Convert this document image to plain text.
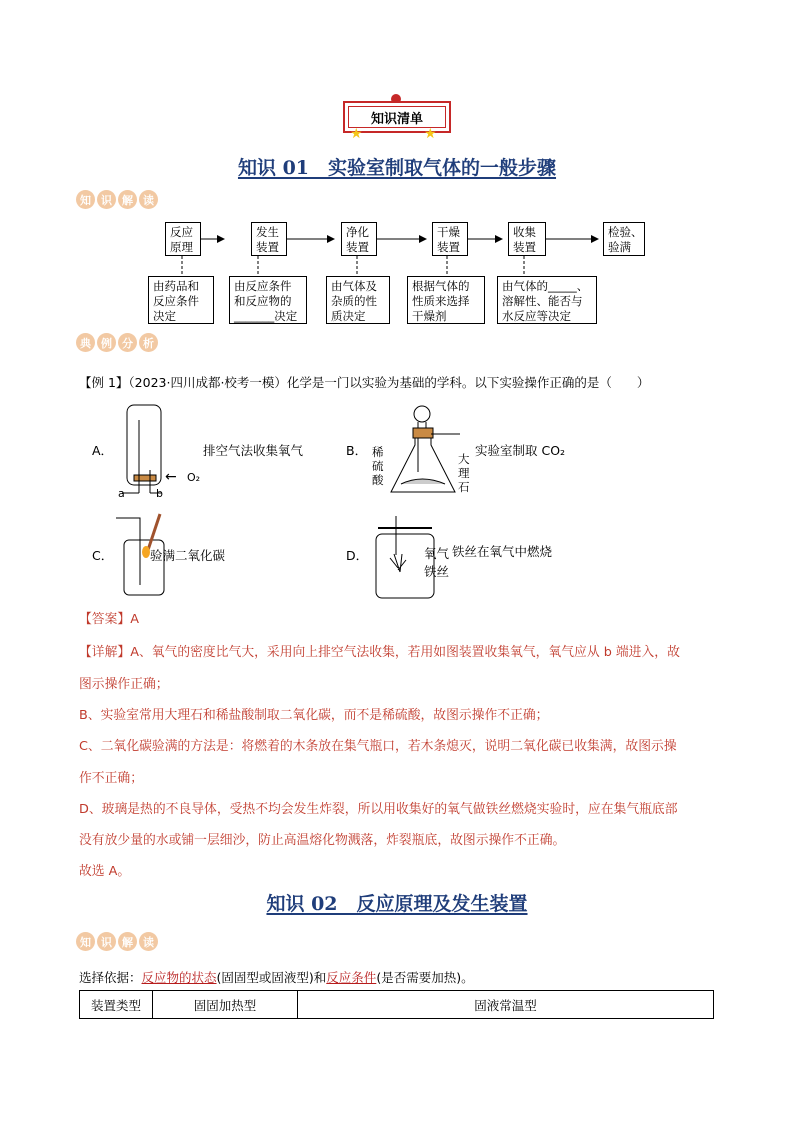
知识清单
★	★
知识 01　实验室制取气体的一般步骤
知 识 解 读
反应
原理
发生
装置
净化
装置
干燥
装置
收集
装置
检验、
验满
由药品和
反应条件
决定
由反应条件
和反应物的
_______决定
由气体及
杂质的性
质决定
根据气体的
性质来选择
干燥剂
由气体的_____、
溶解性、能否与
水反应等决定
典 例 分 析
【例 1】（2023·四川成都·校考一模）化学是一门以实验为基础的学科。以下实验操作正确的是（　　）
A．
a	b
← O₂
排空气法收集氧气	B． 稀
硫
酸
大
理
石
实验室制取 CO₂
C．	验满二氧化碳	D．	氧气
铁丝
铁丝在氧气中燃烧
【答案】A
【详解】A、氧气的密度比气大，采用向上排空气法收集，若用如图装置收集氧气，氧气应从 b 端进入，故
图示操作正确；
B、实验室常用大理石和稀盐酸制取二氧化碳，而不是稀硫酸，故图示操作不正确；
C、二氧化碳验满的方法是：将燃着的木条放在集气瓶口，若木条熄灭，说明二氧化碳已收集满，故图示操
作不正确；
D、玻璃是热的不良导体，受热不均会发生炸裂，所以用收集好的氧气做铁丝燃烧实验时，应在集气瓶底部
没有放少量的水或铺一层细沙，防止高温熔化物溅落，炸裂瓶底，故图示操作不正确。
故选 A。
知识 02　反应原理及发生装置
知 识 解 读
选择依据：反应物的状态(固固型或固液型)和反应条件(是否需要加热)。
装置类型	固固加热型	固液常温型
